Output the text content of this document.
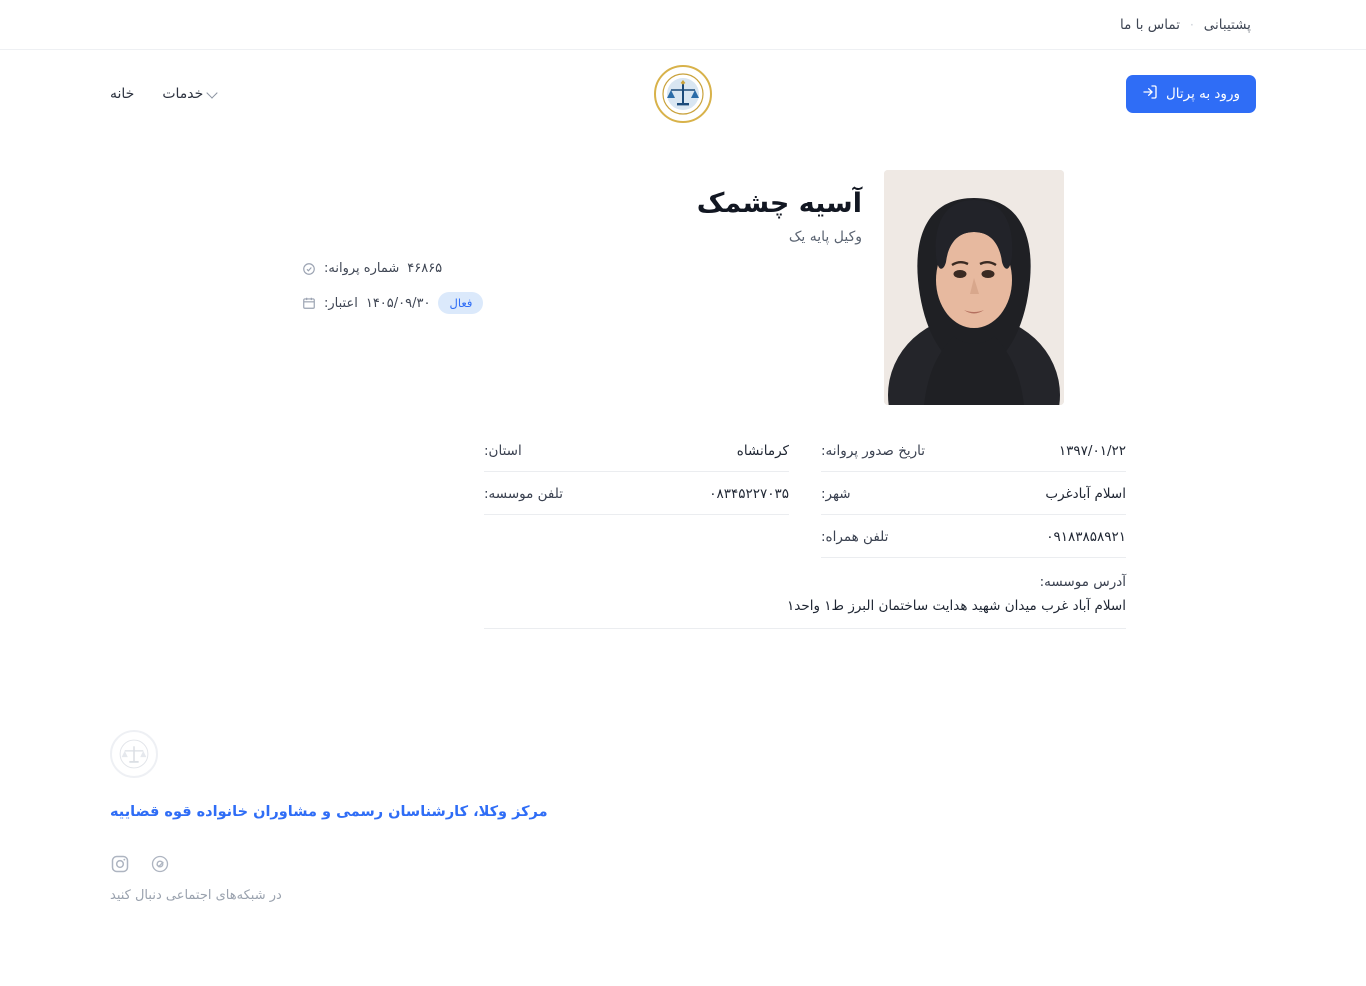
پشتیبانی
·
تماس با ما
ورود به پرتال
خدمات
خانه
آسیه چشمک
وکیل پایه یک
شماره پروانه: ۴۶۸۶۵
اعتبار: ۱۴۰۵/۰۹/۳۰	فعال
تاریخ صدور پروانه:	۱۳۹۷/۰۱/۲۲
استان:	کرمانشاه
شهر:	اسلام آبادغرب
تلفن موسسه:	۰۸۳۴۵۲۲۷۰۳۵
تلفن همراه:	۰۹۱۸۳۸۵۸۹۲۱
آدرس موسسه:
اسلام آباد غرب میدان شهید هدایت ساختمان البرز ط۱ واحد۱
مرکز وکلا، کارشناسان رسمی و مشاوران خانواده قوه قضاییه
در شبکه‌های اجتماعی دنبال کنید
